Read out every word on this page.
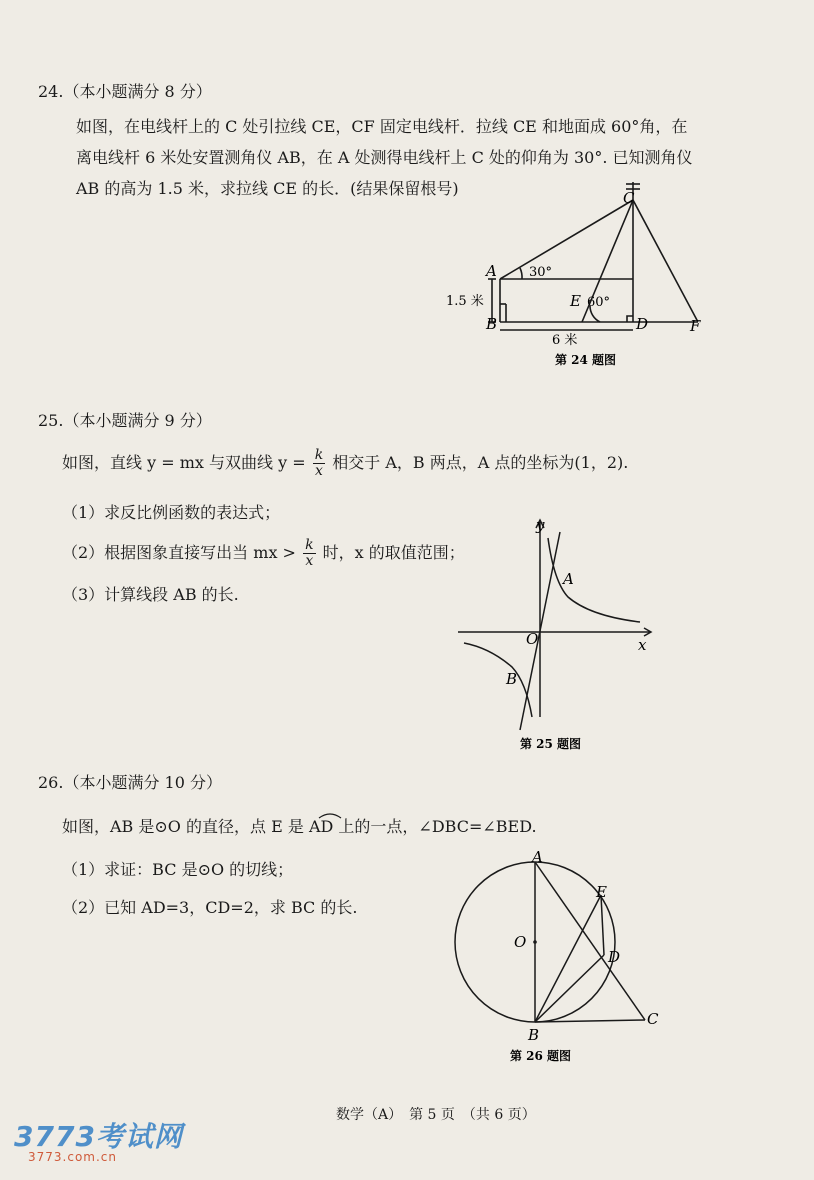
24.（本小题满分 8 分）
如图，在电线杆上的 C 处引拉线 CE，CF 固定电线杆．拉线 CE 和地面成 60°角，在
离电线杆 6 米处安置测角仪 AB，在 A 处测得电线杆上 C 处的仰角为 30°. 已知测角仪
AB 的高为 1.5 米，求拉线 CE 的长．(结果保留根号)	C
A
B	D
E
F
30°
60°
1.5 米
6 米
第 24 题图
25.（本小题满分 9 分）
如图，直线 y = mx 与双曲线 $y = \frac{k}{x}$ 相交于 A，B 两点，A 点的坐标为(1，2).
（1）求反比例函数的表达式；
（2）根据图象直接写出当 mx > $\frac{k}{x}$ 时，x 的取值范围；
（3）计算线段 AB 的长.
y
x
O
A
B
第 25 题图
26.（本小题满分 10 分）
如图，AB 是⊙O 的直径，点 E 是 AD 上的一点，∠DBC=∠BED.
（1）求证：BC 是⊙O 的切线；
（2）已知 AD=3，CD=2，求 BC 的长.
A
B
C
D
E
O
第 26 题图
数学（A）　第 5 页　（共 6 页）
3773考试网
3773.com.cn
